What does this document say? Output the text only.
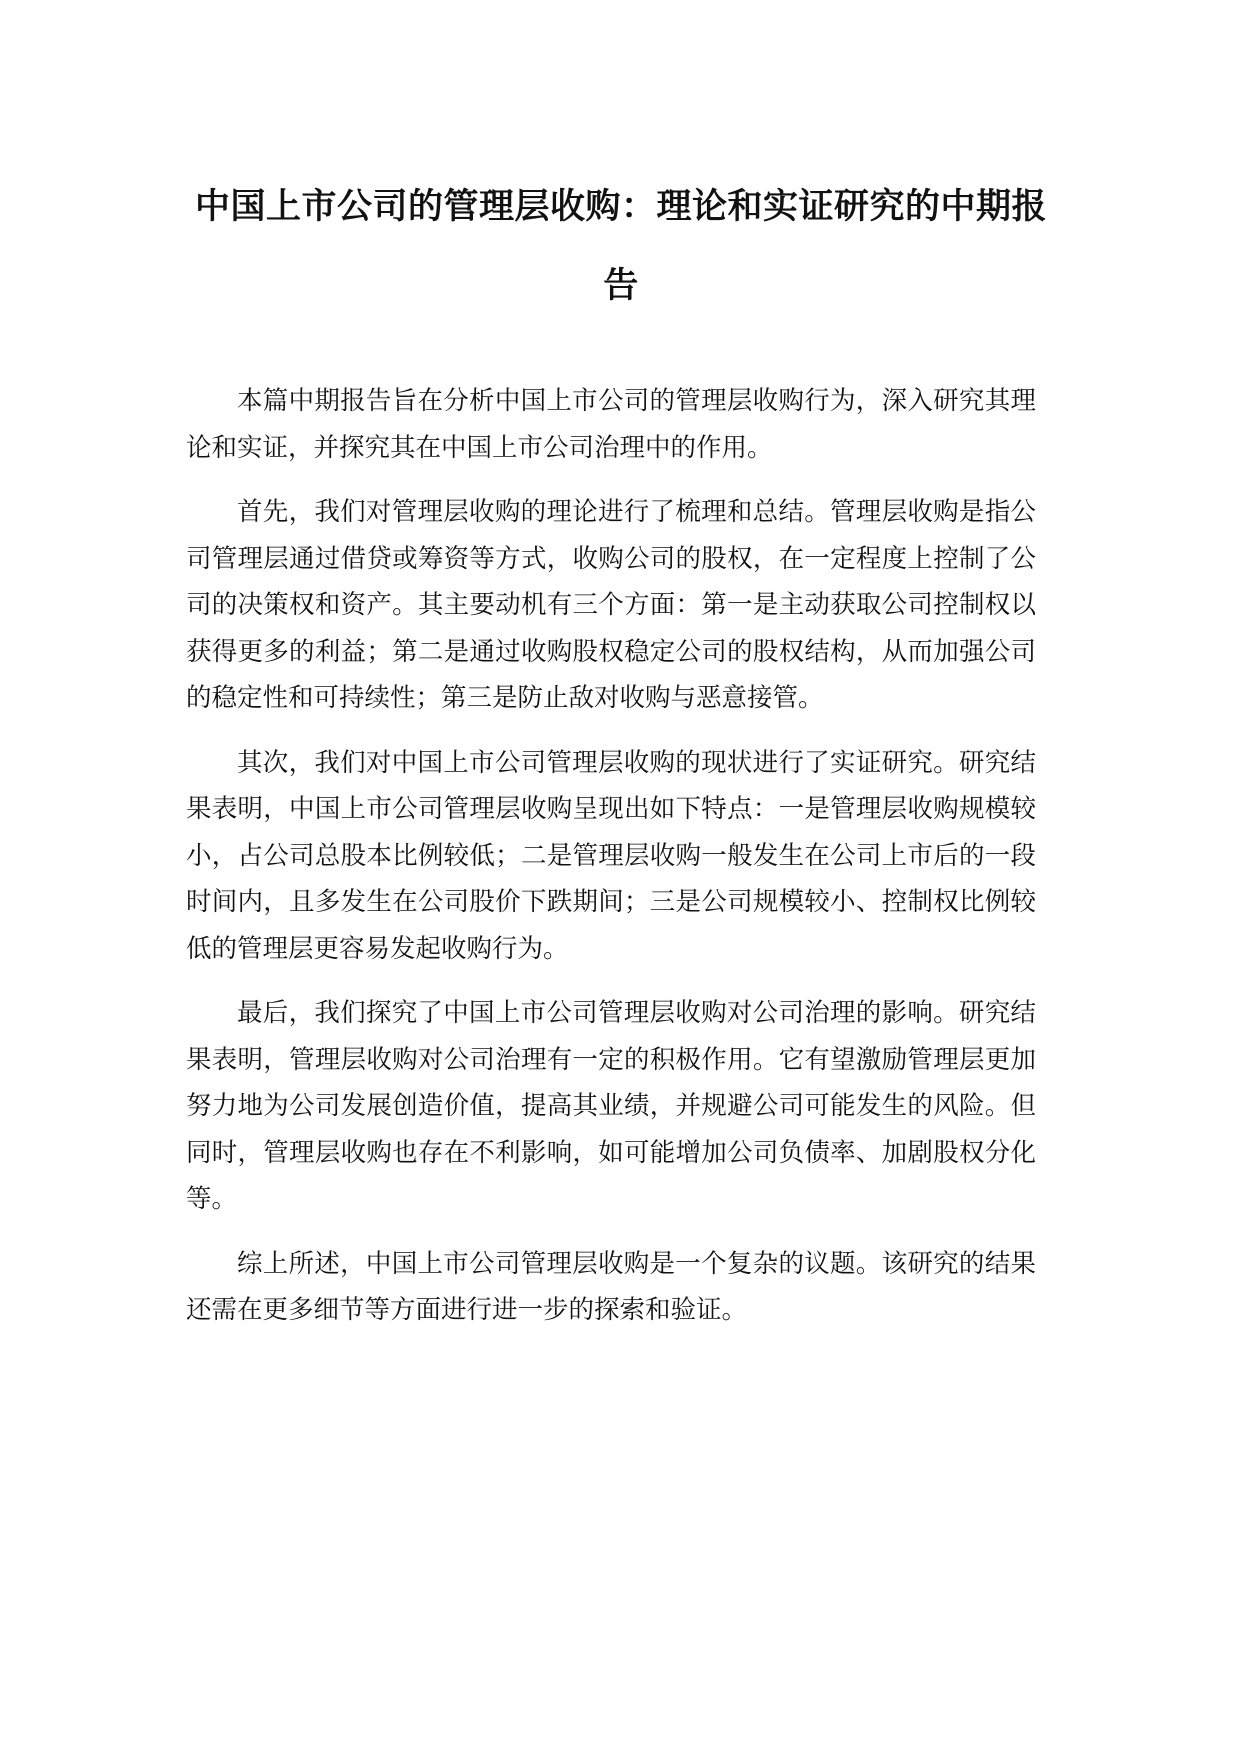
中国上市公司的管理层收购：理论和实证研究的中期报告

本篇中期报告旨在分析中国上市公司的管理层收购行为，深入研究其理论和实证，并探究其在中国上市公司治理中的作用。

首先，我们对管理层收购的理论进行了梳理和总结。管理层收购是指公司管理层通过借贷或筹资等方式，收购公司的股权，在一定程度上控制了公司的决策权和资产。其主要动机有三个方面：第一是主动获取公司控制权以获得更多的利益；第二是通过收购股权稳定公司的股权结构，从而加强公司的稳定性和可持续性；第三是防止敌对收购与恶意接管。

其次，我们对中国上市公司管理层收购的现状进行了实证研究。研究结果表明，中国上市公司管理层收购呈现出如下特点：一是管理层收购规模较小，占公司总股本比例较低；二是管理层收购一般发生在公司上市后的一段时间内，且多发生在公司股价下跌期间；三是公司规模较小、控制权比例较低的管理层更容易发起收购行为。

最后，我们探究了中国上市公司管理层收购对公司治理的影响。研究结果表明，管理层收购对公司治理有一定的积极作用。它有望激励管理层更加努力地为公司发展创造价值，提高其业绩，并规避公司可能发生的风险。但同时，管理层收购也存在不利影响，如可能增加公司负债率、加剧股权分化等。

综上所述，中国上市公司管理层收购是一个复杂的议题。该研究的结果还需在更多细节等方面进行进一步的探索和验证。
